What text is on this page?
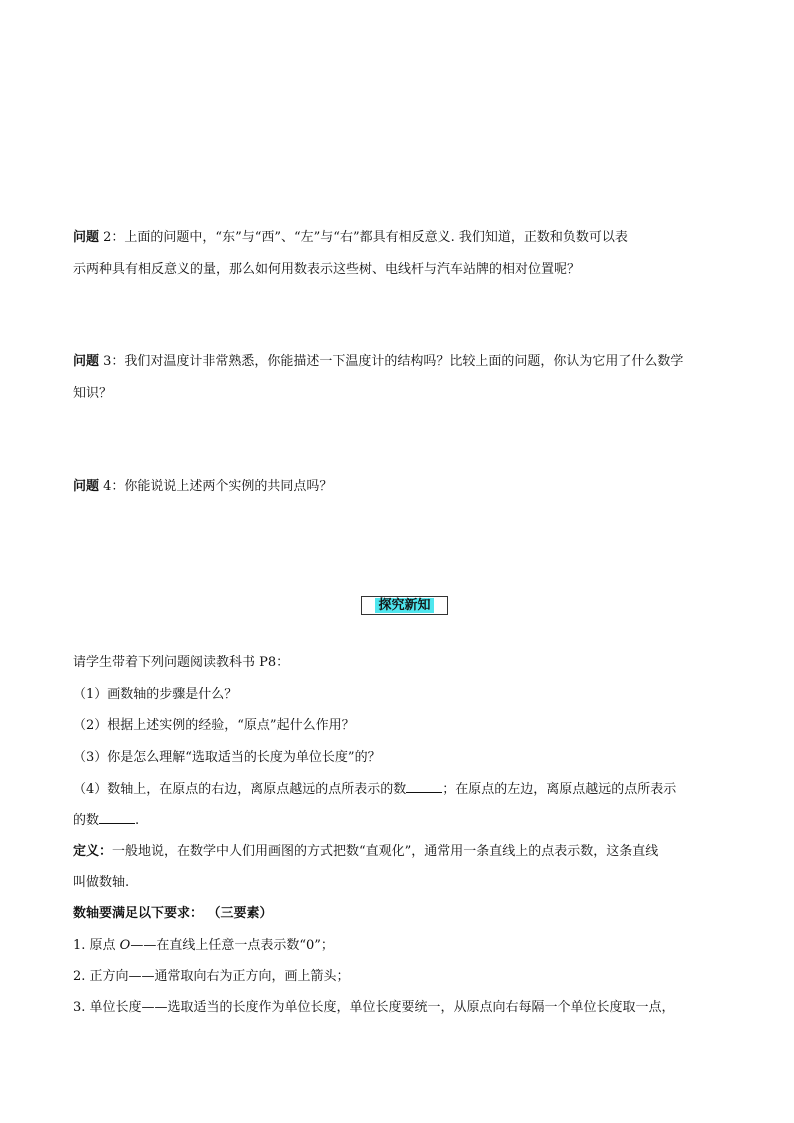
问题 2：上面的问题中，“东”与“西”、“左”与“右”都具有相反意义. 我们知道，正数和负数可以表
示两种具有相反意义的量，那么如何用数表示这些树、电线杆与汽车站牌的相对位置呢？
问题 3：我们对温度计非常熟悉，你能描述一下温度计的结构吗？比较上面的问题，你认为它用了什么数学
知识？
问题 4：你能说说上述两个实例的共同点吗？
探究新知
请学生带着下列问题阅读教科书 P8：
（1）画数轴的步骤是什么？
（2）根据上述实例的经验，“原点”起什么作用？
（3）你是怎么理解“选取适当的长度为单位长度”的？
（4）数轴上，在原点的右边，离原点越远的点所表示的数	；在原点的左边，离原点越远的点所表示
的数	.
定义：一般地说，在数学中人们用画图的方式把数“直观化”，通常用一条直线上的点表示数，这条直线
叫做数轴.
数轴要满足以下要求： （三要素）
1. 原点 O——在直线上任意一点表示数“0”；
2. 正方向——通常取向右为正方向，画上箭头；
3. 单位长度——选取适当的长度作为单位长度，单位长度要统一，从原点向右每隔一个单位长度取一点，
